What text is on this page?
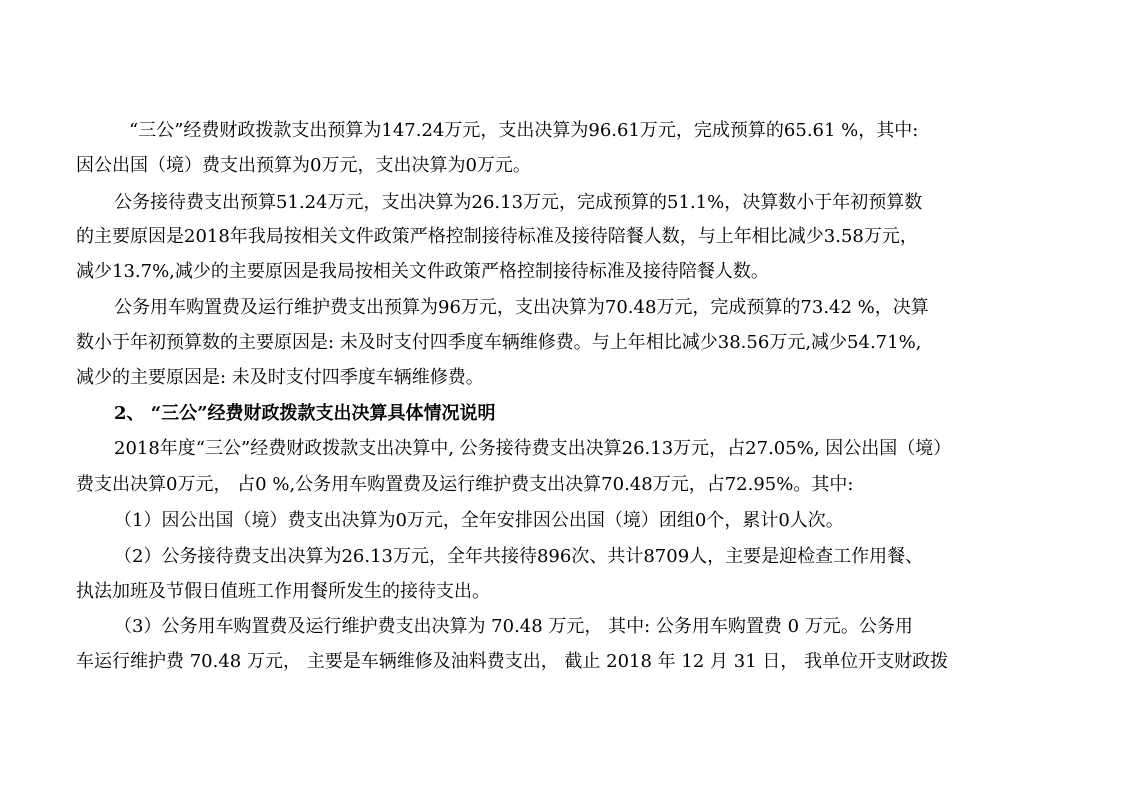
“三公”经费财政拨款支出预算为147.24万元，支出决算为96.61万元，完成预算的65.61 %，其中:
因公出国（境）费支出预算为0万元，支出决算为0万元。
公务接待费支出预算51.24万元，支出决算为26.13万元，完成预算的51.1%，决算数小于年初预算数
的主要原因是2018年我局按相关文件政策严格控制接待标准及接待陪餐人数，与上年相比减少3.58万元，
减少13.7%,减少的主要原因是我局按相关文件政策严格控制接待标准及接待陪餐人数。
公务用车购置费及运行维护费支出预算为96万元，支出决算为70.48万元，完成预算的73.42 %，决算
数小于年初预算数的主要原因是: 未及时支付四季度车辆维修费。与上年相比减少38.56万元,减少54.71%,
减少的主要原因是: 未及时支付四季度车辆维修费。
2、 “三公”经费财政拨款支出决算具体情况说明
2018年度“三公”经费财政拨款支出决算中, 公务接待费支出决算26.13万元，占27.05%, 因公出国（境）
费支出决算0万元， 占0 %,公务用车购置费及运行维护费支出决算70.48万元，占72.95%。其中:
（1）因公出国（境）费支出决算为0万元，全年安排因公出国（境）团组0个，累计0人次。
（2）公务接待费支出决算为26.13万元，全年共接待896次、共计8709人，主要是迎检查工作用餐、
执法加班及节假日值班工作用餐所发生的接待支出。
（3）公务用车购置费及运行维护费支出决算为 70.48 万元， 其中: 公务用车购置费 0 万元。公务用
车运行维护费 70.48 万元， 主要是车辆维修及油料费支出， 截止 2018 年 12 月 31 日， 我单位开支财政拨
